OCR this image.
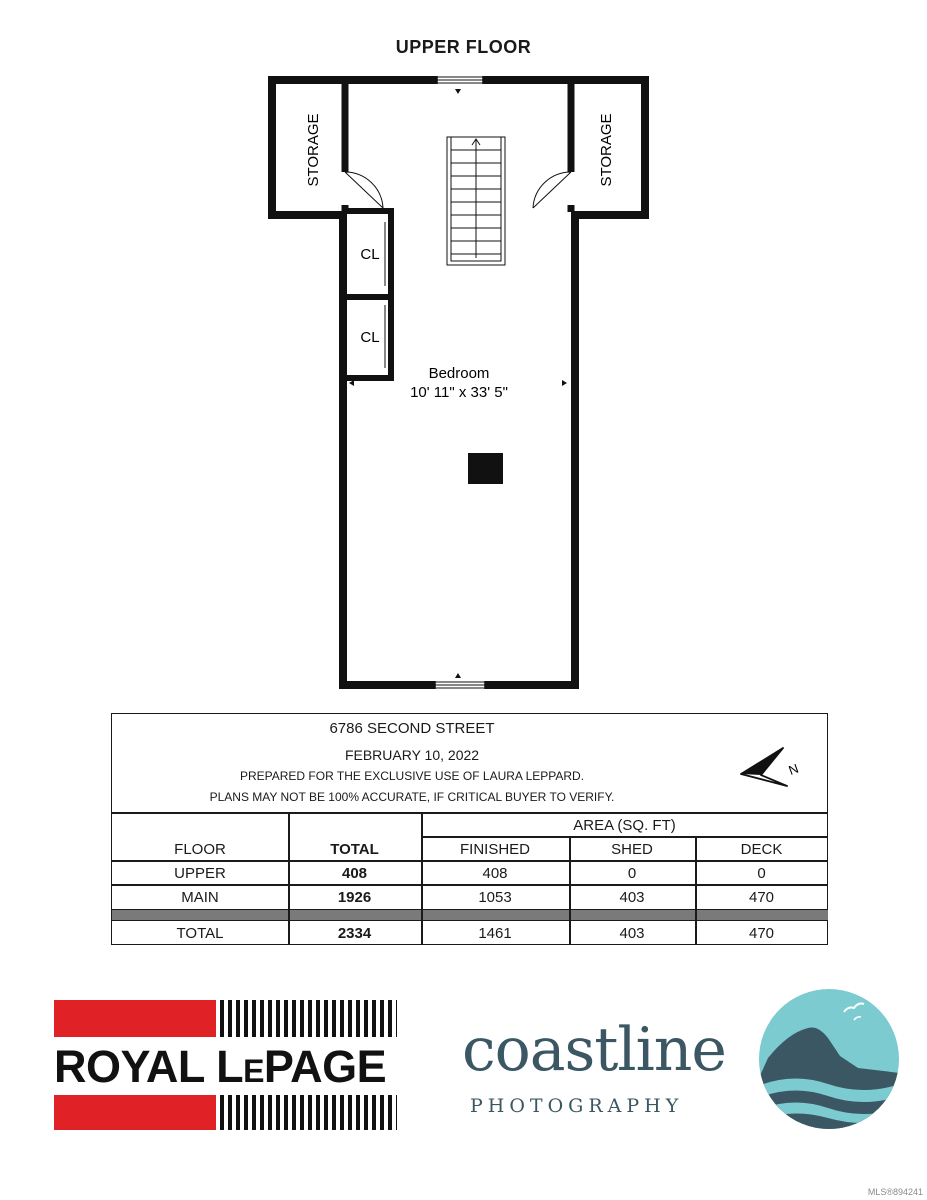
UPPER FLOOR
STORAGE	STORAGE
CL
CL
Bedroom
10' 11" x 33' 5"
6786 SECOND STREET
FEBRUARY 10, 2022
PREPARED FOR THE EXCLUSIVE USE OF LAURA LEPPARD.
PLANS MAY NOT BE 100% ACCURATE, IF CRITICAL BUYER TO VERIFY.
N
AREA (SQ. FT)
FLOOR	TOTAL	FINISHED	SHED	DECK
UPPER	408	408	0	0
MAIN	1926	1053	403	470
TOTAL	2334	1461	403	470
ROYAL LEPAGE coastline
PHOTOGRAPHY
MLS®894241
